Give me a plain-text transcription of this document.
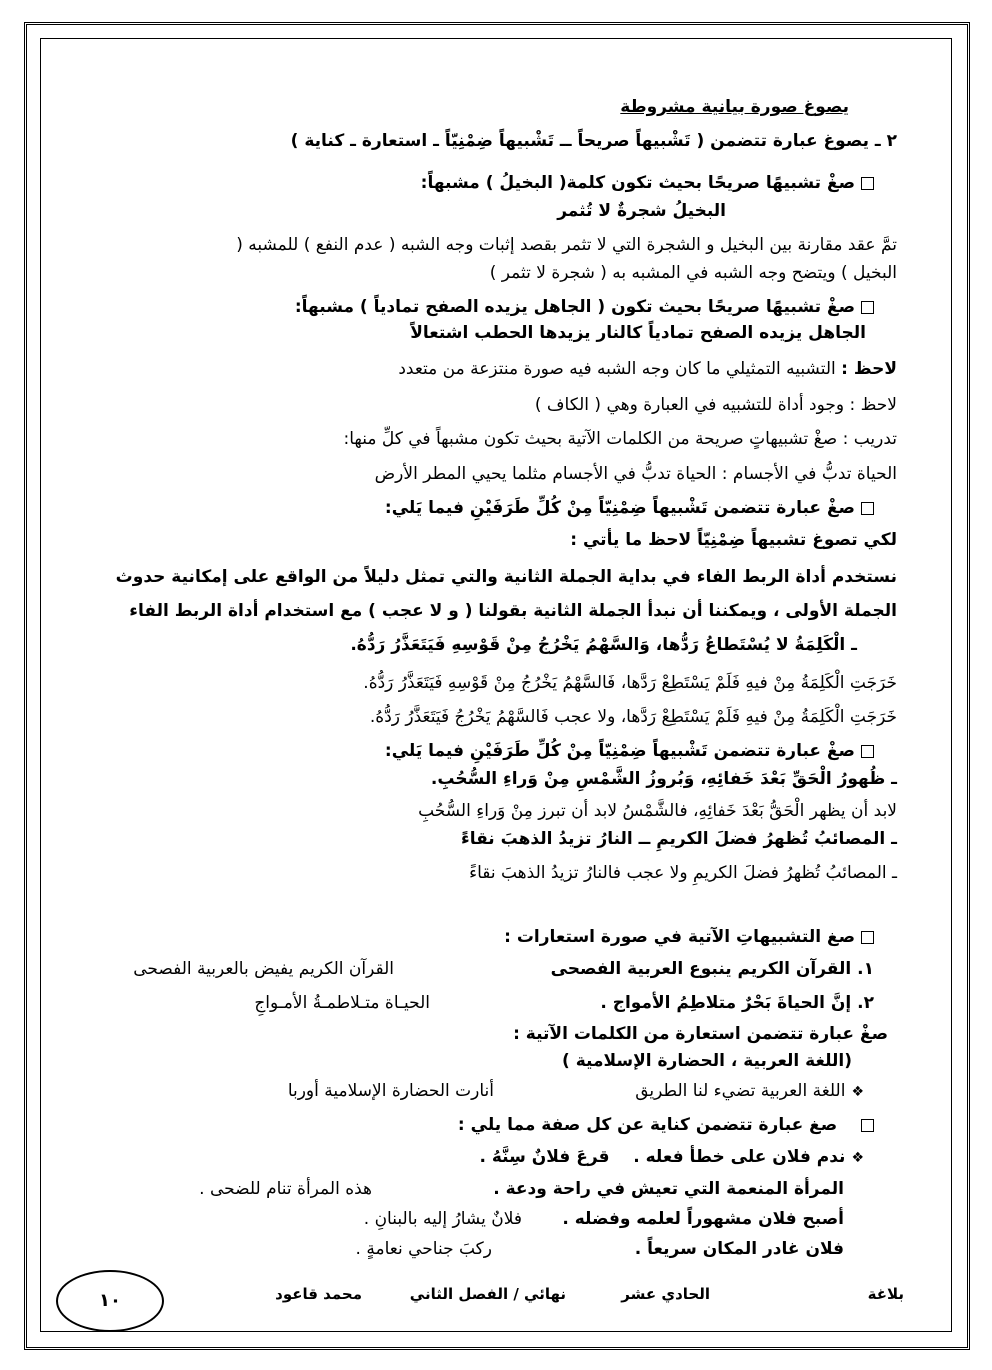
يصوغ صورة بيانية مشروطة
٢ ـ يصوغ عبارة تتضمن ( تَشْبيهاً صريحاً ــ تَشْبيهاً ضِمْنِيّاً ـ استعارة ـ كناية )
صغْ تشبيهًا صريحًا بحيث تكون كلمة( البخيلُ ) مشبهاً:
البخيلُ شجرةٌ لا تُثمر
تمَّ عقد مقارنة بين البخيل و الشجرة التي لا تثمر بقصد إثبات وجه الشبه ( عدم النفع ) للمشبه (
البخيل ) ويتضح وجه الشبه في المشبه به ( شجرة لا تثمر )
صغْ تشبيهًا صريحًا بحيث تكون ( الجاهل يزيده الصفح تمادياً ) مشبهاً:
الجاهل يزيده الصفح تمادياً كالنار يزيدها الحطب اشتعالاً
لاحظ : التشبيه التمثيلي ما كان وجه الشبه فيه صورة منتزعة من متعدد
لاحظ : وجود أداة للتشبيه في العبارة وهي ( الكاف )
تدريب : صغْ تشبيهاتٍ صريحة من الكلمات الآتية بحيث تكون مشبهاً في كلِّ منها:
الحياة تدبُّ في الأجسام : الحياة تدبُّ في الأجسام مثلما يحيي المطر الأرض
صغْ عبارة تتضمن تَشْبيهاً ضِمْنِيّاً مِنْ كُلِّ طَرَفَيْنِ فيما يَلي:
لكي تصوغ تشبيهاً ضِمْنِيّاً لاحظ ما يأتي :
نستخدم أداة الربط الفاء في بداية الجملة الثانية والتي تمثل دليلاً من الواقع على إمكانية حدوث
الجملة الأولى ، ويمكننا أن نبدأ الجملة الثانية بقولنا ( و لا عجب ) مع استخدام أداة الربط الفاء
ـ الْكَلِمَةُ لا يُسْتَطاعُ رَدُّها، وَالسَّهْمُ يَخْرُجُ مِنْ قَوْسِهِ فَيَتَعَذَّرُ رَدُّهُ.
خَرَجَتِ الْكَلِمَةُ مِنْ فيهِ فَلَمْ يَسْتَطِعْ رَدَّها، فَالسَّهْمُ يَخْرُجُ مِنْ قَوْسِهِ فَيَتَعَذَّرُ رَدُّهُ.
خَرَجَتِ الْكَلِمَةُ مِنْ فيهِ فَلَمْ يَسْتَطِعْ رَدَّها، ولا عجب فَالسَّهْمُ يَخْرُجُ فَيَتَعَذَّرُ رَدُّهُ.
صغْ عبارة تتضمن تَشْبيهاً ضِمْنِيّاً مِنْ كُلِّ طَرَفَيْنِ فيما يَلي:
ـ ظُهورُ الْحَقِّ بَعْدَ خَفائِهِ، وَبُروزُ الشَّمْسِ مِنْ وَراءِ السُّحُبِ.
لابد أن يظهر الْحَقُّ بَعْدَ خَفائِهِ، فالشَّمْسُ لابد أن تبرز مِنْ وَراءِ السُّحُبِ
ـ المصائبُ تُظهرُ فضلَ الكريمِ ــ النارُ تزيدُ الذهبَ نقاءً
ـ المصائبُ تُظهرُ فضلَ الكريمِ ولا عجب فالنارُ تزيدُ الذهبَ نقاءً
صغ التشبيهاتِ الآتية في صورة استعارات :
١. القرآن الكريم ينبوع العربية الفصحى
القرآن الكريم يفيض بالعربية الفصحى
٢. إنَّ الحياةَ بَحْرٌ متلاطِمُ الأمواج .
الحيـاة متـلاطمـةُ الأمـواجِ
صغْ عبارة تتضمن استعارة من الكلمات الآتية :
(اللغة العربية ، الحضارة الإسلامية )
❖اللغة العربية تضيء لنا الطريق
أنارت الحضارة الإسلامية أوربا
صغ عبارة تتضمن كناية عن كل صفة مما يلي :
❖ندم فلان على خطأ فعله .    قرعَ فلانٌ سِنَّهُ .
المرأة المنعمة التي تعيش في راحة ودعة .
هذه المرأة تنام للضحى .
أصبح فلان مشهوراً لعلمه وفضله .
فلانٌ يشارُ إليه بالبنانِ .
فلان غادر المكان سريعاً .
ركبَ جناحي نعامةٍ .
بلاغة
الحادي عشر
نهائي / الفصل الثاني
محمد قاعود
١٠
